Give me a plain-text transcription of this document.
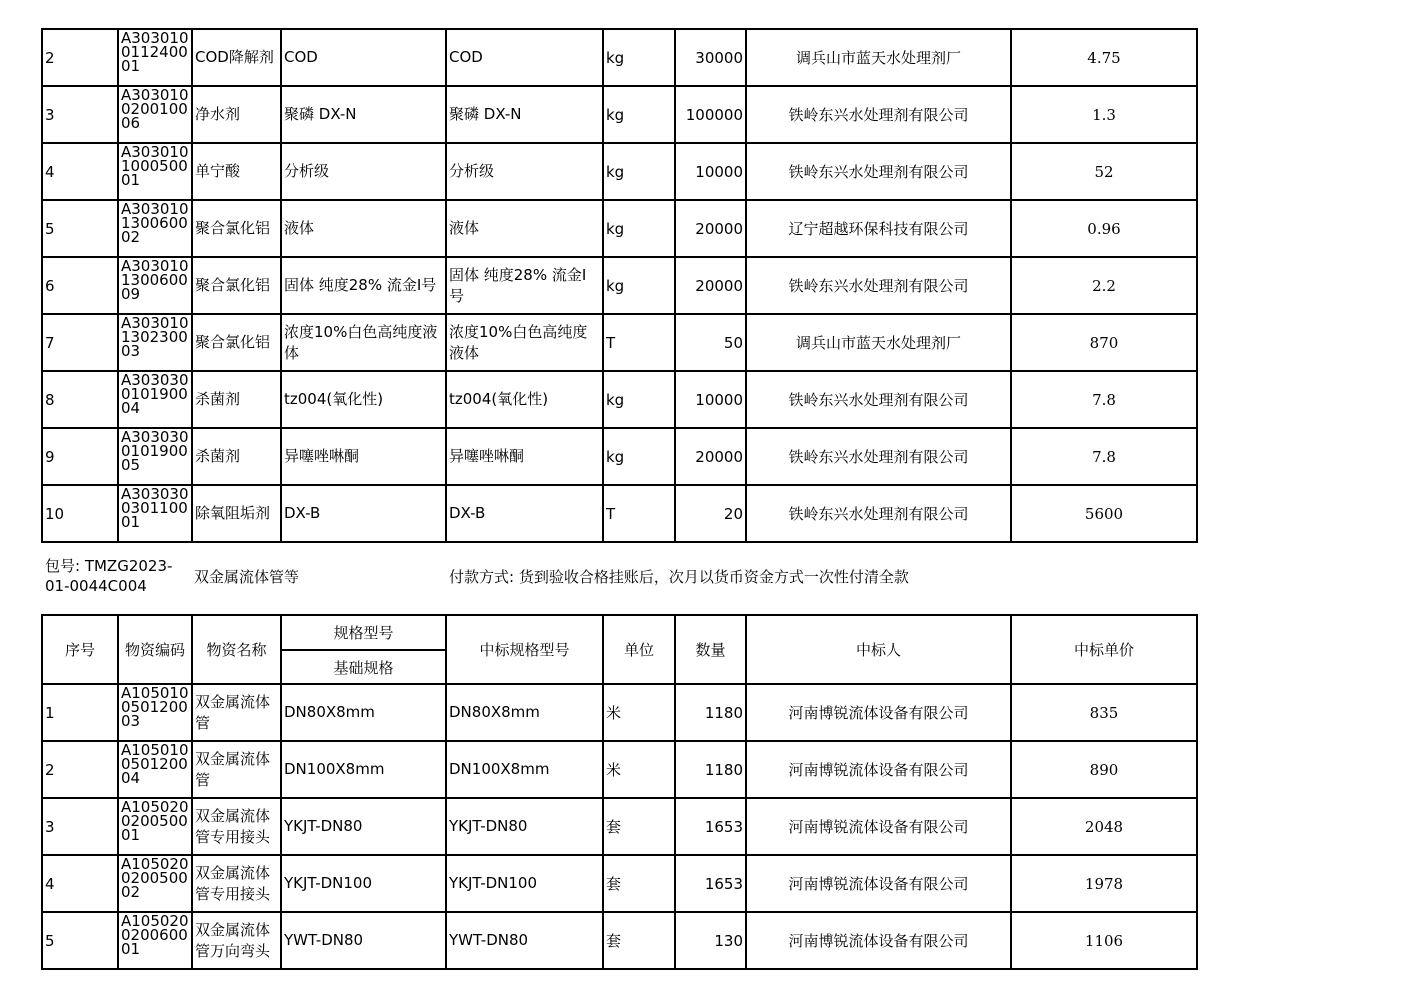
2	A3030100112400 01	COD降解剂	COD	COD	kg	30000	调兵山市蓝天水处理剂厂	4.75
3	A3030100200100 06	净水剂	聚磷 DX-N	聚磷 DX-N	kg	100000	铁岭东兴水处理剂有限公司	1.3
4	A3030101000500 01	单宁酸	分析级	分析级	kg	10000	铁岭东兴水处理剂有限公司	52
5	A3030101300600 02	聚合氯化铝	液体	液体	kg	20000	辽宁超越环保科技有限公司	0.96
6	A3030101300600 09	聚合氯化铝	固体 纯度28% 流金Ⅰ号	固体 纯度28% 流金Ⅰ号	kg	20000	铁岭东兴水处理剂有限公司	2.2
7	A3030101302300 03	聚合氯化铝	浓度10%白色高纯度液体	浓度10%白色高纯度液体	T	50	调兵山市蓝天水处理剂厂	870
8	A3030300101900 04	杀菌剂	tz004(氧化性)	tz004(氧化性)	kg	10000	铁岭东兴水处理剂有限公司	7.8
9	A3030300101900 05	杀菌剂	异噻唑啉酮	异噻唑啉酮	kg	20000	铁岭东兴水处理剂有限公司	7.8
10	A3030300301100 01	除氧阻垢剂	DX-B	DX-B	T	20	铁岭东兴水处理剂有限公司	5600
包号: TMZG2023-01-0044C004	双金属流体管等	付款方式: 货到验收合格挂账后，次月以货币资金方式一次性付清全款
序号	物资编码	物资名称	规格型号	中标规格型号	单位	数量	中标人	中标单价
			基础规格					
1	A1050100501200 03	双金属流体管	DN80X8mm	DN80X8mm	米	1180	河南博锐流体设备有限公司	835
2	A1050100501200 04	双金属流体管	DN100X8mm	DN100X8mm	米	1180	河南博锐流体设备有限公司	890
3	A1050200200500 01	双金属流体管专用接头	YKJT-DN80	YKJT-DN80	套	1653	河南博锐流体设备有限公司	2048
4	A1050200200500 02	双金属流体管专用接头	YKJT-DN100	YKJT-DN100	套	1653	河南博锐流体设备有限公司	1978
5	A1050200200600 01	双金属流体管万向弯头	YWT-DN80	YWT-DN80	套	130	河南博锐流体设备有限公司	1106
